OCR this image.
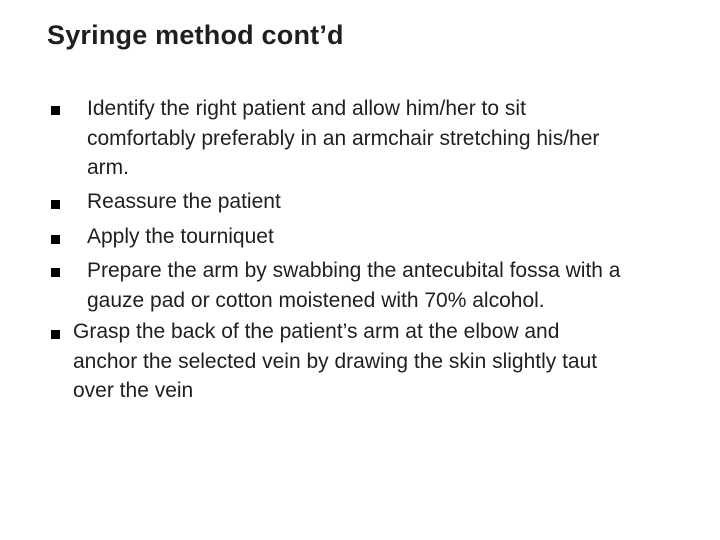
Syringe method cont’d
Identify the right patient and allow him/her to sit
comfortably preferably in an armchair stretching his/her
arm.
Reassure the patient
Apply the tourniquet
Prepare the arm by swabbing the antecubital fossa with a
gauze pad or cotton moistened with 70% alcohol.
Grasp the back of the patient’s arm at the elbow and
anchor the selected vein by drawing the skin slightly taut
over the vein
